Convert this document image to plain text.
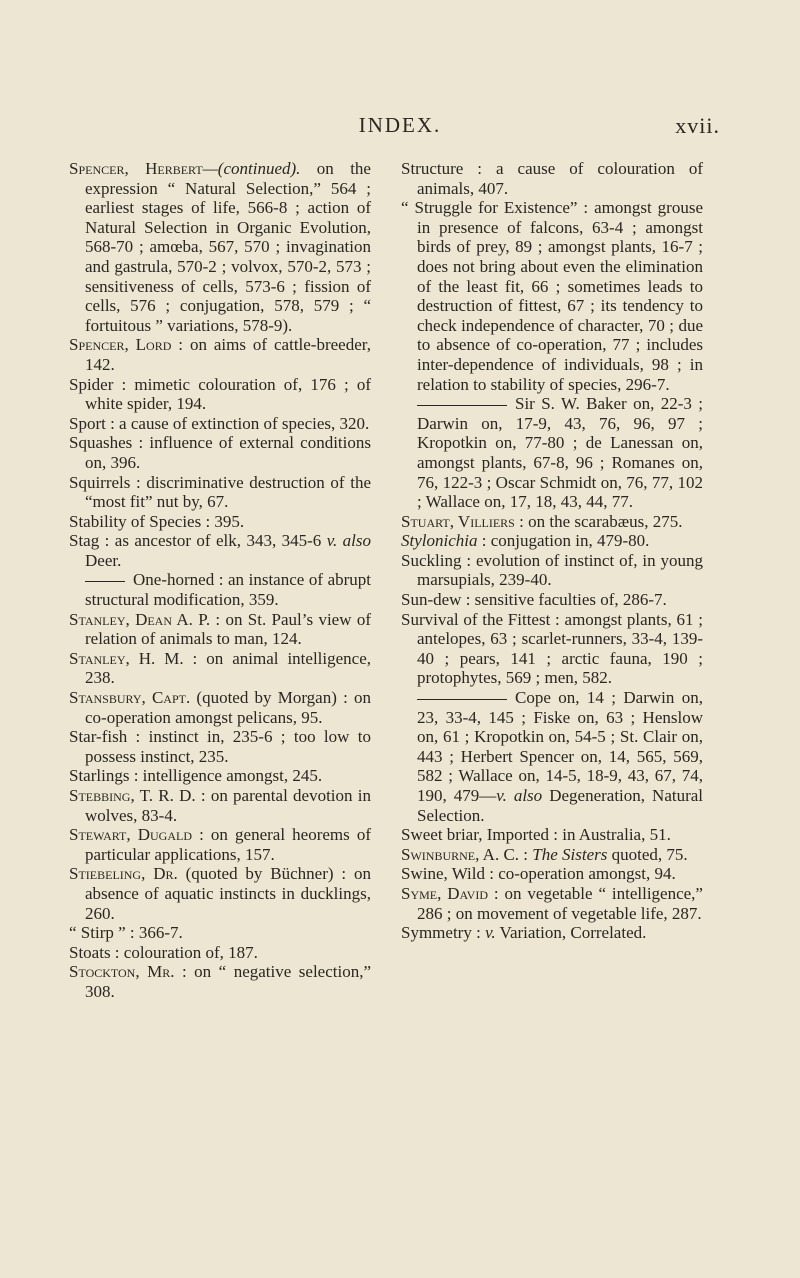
INDEX.	xvii.

Spencer, Herbert—(continued). on the expression “ Natural Selection,” 564 ; earliest stages of life, 566-8 ; action of Natural Selection in Organic Evolution, 568-70 ; amœba, 567, 570 ; invagination and gastrula, 570-2 ; volvox, 570-2, 573 ; sensitiveness of cells, 573-6 ; fission of cells, 576 ; conjugation, 578, 579 ; “ fortuitous ” variations, 578-9).

Spencer, Lord : on aims of cattle-breeder, 142.

Spider : mimetic colouration of, 176 ; of white spider, 194.

Sport : a cause of extinction of species, 320.

Squashes : influence of external conditions on, 396.

Squirrels : discriminative destruction of the “most fit” nut by, 67.

Stability of Species : 395.

Stag : as ancestor of elk, 343, 345-6 v. also Deer.

One-horned : an instance of abrupt structural modification, 359.

Stanley, Dean A. P. : on St. Paul’s view of relation of animals to man, 124.

Stanley, H. M. : on animal intelligence, 238.

Stansbury, Capt. (quoted by Morgan) : on co-operation amongst pelicans, 95.

Star-fish : instinct in, 235-6 ; too low to possess instinct, 235.

Starlings : intelligence amongst, 245.

Stebbing, T. R. D. : on parental devotion in wolves, 83-4.

Stewart, Dugald : on general heorems of particular applications, 157.

Stiebeling, Dr. (quoted by Büchner) : on absence of aquatic instincts in ducklings, 260.

“ Stirp ” : 366-7.

Stoats : colouration of, 187.

Stockton, Mr. : on “ negative selection,” 308.

Structure : a cause of colouration of animals, 407.

“ Struggle for Existence” : amongst grouse in presence of falcons, 63-4 ; amongst birds of prey, 89 ; amongst plants, 16-7 ; does not bring about even the elimination of the least fit, 66 ; sometimes leads to destruction of fittest, 67 ; its tendency to check independence of character, 70 ; due to absence of co-operation, 77 ; includes inter-dependence of individuals, 98 ; in relation to stability of species, 296-7.

Sir S. W. Baker on, 22-3 ; Darwin on, 17-9, 43, 76, 96, 97 ; Kropotkin on, 77-80 ; de Lanessan on, amongst plants, 67-8, 96 ; Romanes on, 76, 122-3 ; Oscar Schmidt on, 76, 77, 102 ; Wallace on, 17, 18, 43, 44, 77.

Stuart, Villiers : on the scarabæus, 275.

Stylonichia : conjugation in, 479-80.

Suckling : evolution of instinct of, in young marsupials, 239-40.

Sun-dew : sensitive faculties of, 286-7.

Survival of the Fittest : amongst plants, 61 ; antelopes, 63 ; scarlet-runners, 33-4, 139-40 ; pears, 141 ; arctic fauna, 190 ; protophytes, 569 ; men, 582.

Cope on, 14 ; Darwin on, 23, 33-4, 145 ; Fiske on, 63 ; Henslow on, 61 ; Kropotkin on, 54-5 ; St. Clair on, 443 ; Herbert Spencer on, 14, 565, 569, 582 ; Wallace on, 14-5, 18-9, 43, 67, 74, 190, 479—v. also Degeneration, Natural Selection.

Sweet briar, Imported : in Australia, 51.

Swinburne, A. C. : The Sisters quoted, 75.

Swine, Wild : co-operation amongst, 94.

Syme, David : on vegetable “ intelligence,” 286 ; on movement of vegetable life, 287.

Symmetry : v. Variation, Correlated.
